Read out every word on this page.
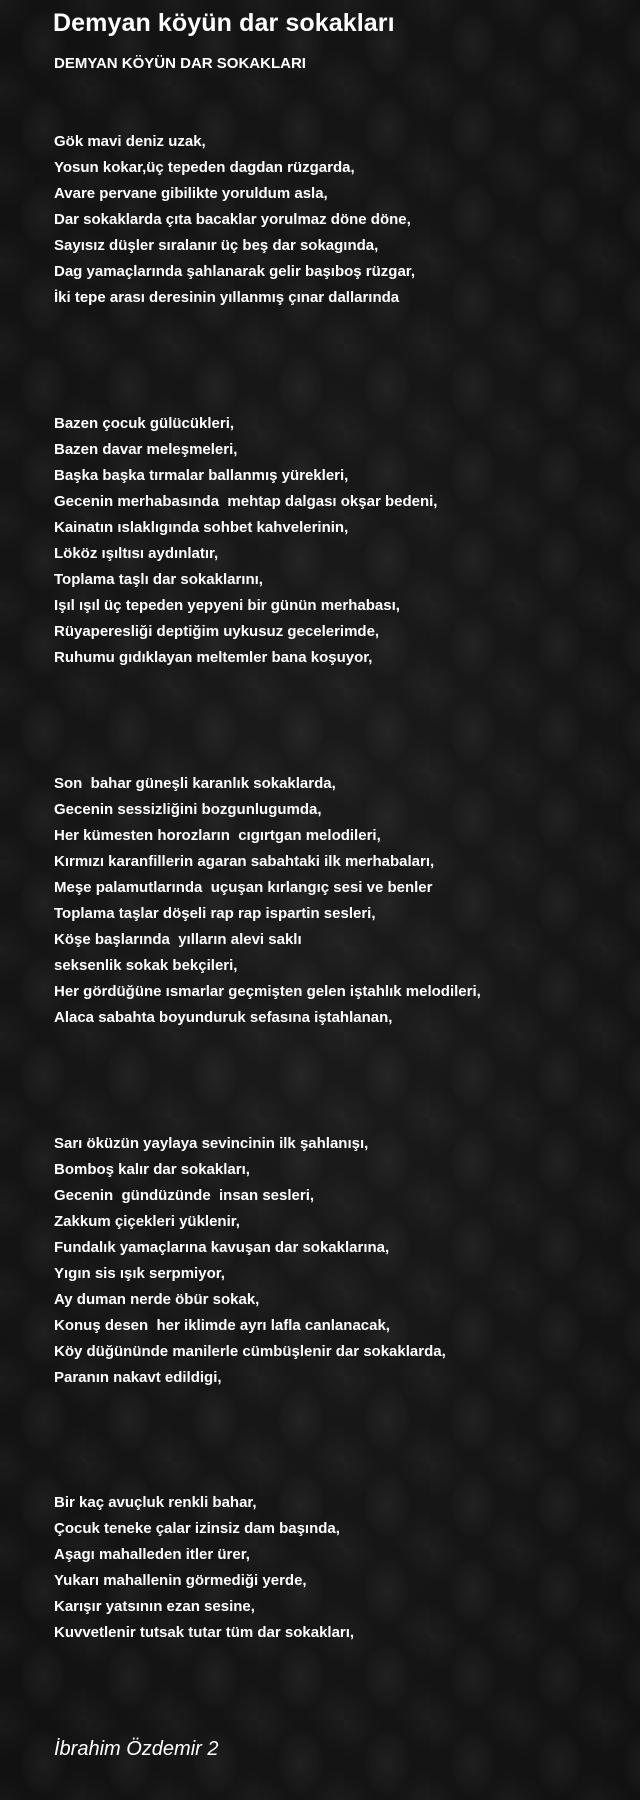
Demyan köyün dar sokakları
DEMYAN KÖYÜN DAR SOKAKLARI
Gök mavi deniz uzak,
Yosun kokar,üç tepeden dagdan rüzgarda,
Avare pervane gibilikte yoruldum asla,
Dar sokaklarda çıta bacaklar yorulmaz döne döne,
Sayısız düşler sıralanır üç beş dar sokagında,
Dag yamaçlarında şahlanarak gelir başıboş rüzgar,
İki tepe arası deresinin yıllanmış çınar dallarında
Bazen çocuk gülücükleri,
Bazen davar meleşmeleri,
Başka başka tırmalar ballanmış yürekleri,
Gecenin merhabasında  mehtap dalgası okşar bedeni,
Kainatın ıslaklıgında sohbet kahvelerinin,
Lököz ışıltısı aydınlatır,
Toplama taşlı dar sokaklarını,
Işıl ışıl üç tepeden yepyeni bir günün merhabası,
Rüyaperesliği deptiğim uykusuz gecelerimde,
Ruhumu gıdıklayan meltemler bana koşuyor,
Son  bahar güneşli karanlık sokaklarda,
Gecenin sessizliğini bozgunlugumda,
Her kümesten horozların  cıgırtgan melodileri,
Kırmızı karanfillerin agaran sabahtaki ilk merhabaları,
Meşe palamutlarında  uçuşan kırlangıç sesi ve benler
Toplama taşlar döşeli rap rap ispartin sesleri,
Köşe başlarında  yılların alevi saklı
seksenlik sokak bekçileri,
Her gördüğüne ısmarlar geçmişten gelen iştahlık melodileri,
Alaca sabahta boyunduruk sefasına iştahlanan,
Sarı öküzün yaylaya sevincinin ilk şahlanışı,
Bomboş kalır dar sokakları,
Gecenin  gündüzünde  insan sesleri,
Zakkum çiçekleri yüklenir,
Fundalık yamaçlarına kavuşan dar sokaklarına,
Yıgın sis ışık serpmiyor,
Ay duman nerde öbür sokak,
Konuş desen  her iklimde ayrı lafla canlanacak,
Köy düğününde manilerle cümbüşlenir dar sokaklarda,
Paranın nakavt edildigi,
Bir kaç avuçluk renkli bahar,
Çocuk teneke çalar izinsiz dam başında,
Aşagı mahalleden itler ürer,
Yukarı mahallenin görmediği yerde,
Karışır yatsının ezan sesine,
Kuvvetlenir tutsak tutar tüm dar sokakları,

İbrahim Özdemir 2
